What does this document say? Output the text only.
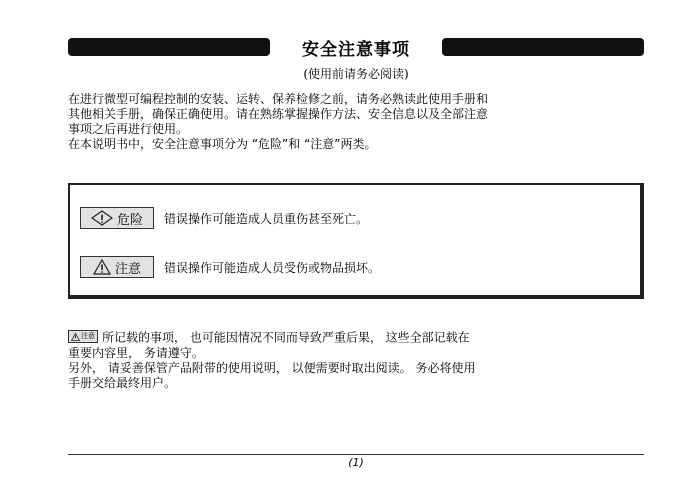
安全注意事项
(使用前请务必阅读)

在进行微型可编程控制的安装、运转、保养检修之前，请务必熟读此使用手册和

其他相关手册，确保正确使用。请在熟练掌握操作方法、安全信息以及全部注意

事项之后再进行使用。

在本说明书中，安全注意事项分为 “危险”和 “注意”两类。

危险 错误操作可能造成人员重伤甚至死亡。
注意 错误操作可能造成人员受伤或物品损坏。

注意 所记载的事项， 也可能因情况不同而导致严重后果， 这些全部记载在

重要内容里， 务请遵守。

另外， 请妥善保管产品附带的使用说明， 以便需要时取出阅读。 务必将使用

手册交给最终用户。

(1)
